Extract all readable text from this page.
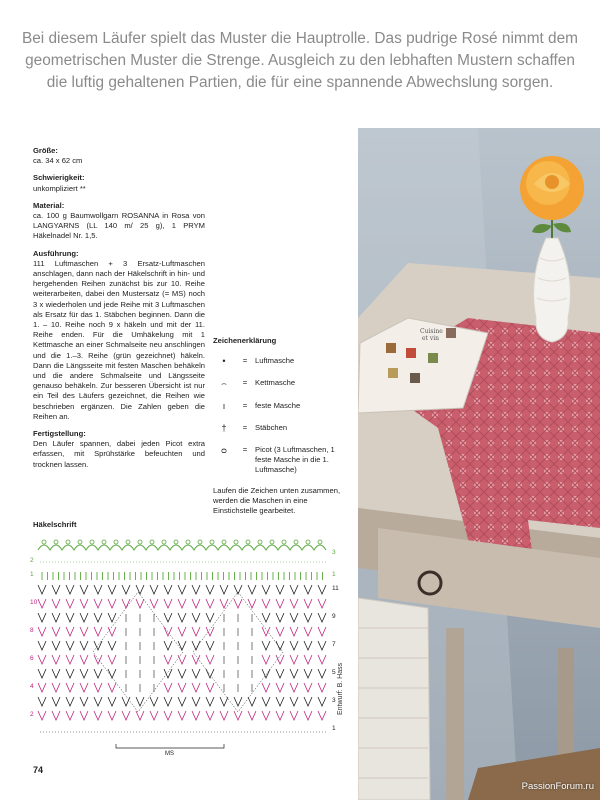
Bei diesem Läufer spielt das Muster die Hauptrolle. Das pudrige Rosé nimmt dem geometrischen Muster die Strenge. Ausgleich zu den lebhaften Mustern schaffen die luftig gehaltenen Partien, die für eine spannende Abwechslung sorgen.
Größe:
ca. 34 x 62 cm
Schwierigkeit:
unkompliziert **
Material:
ca. 100 g Baumwollgarn ROSANNA in Rosa von LANGYARNS (LL 140 m/ 25 g), 1 PRYM Häkelnadel Nr. 1,5.
Ausführung:
111 Luftmaschen + 3 Ersatz-Luftmaschen anschlagen, dann nach der Häkelschrift in hin- und hergehenden Reihen zunächst bis zur 10. Reihe weiterarbeiten, dabei den Mustersatz (= MS) noch 3 x wiederholen und jede Reihe mit 3 Luftmaschen als Ersatz für das 1. Stäbchen beginnen. Dann die 1. – 10. Reihe noch 9 x häkeln und mit der 11. Reihe enden. Für die Umhäkelung mit 1 Kettmasche an einer Schmalseite neu anschlingen und die 1.–3. Reihe (grün gezeichnet) häkeln. Dann die Längsseite mit festen Maschen behäkeln und die andere Schmalseite und Längsseite genauso behäkeln. Zur besseren Übersicht ist nur ein Teil des Läufers gezeichnet, die Reihen wie beschrieben ergänzen. Die Zahlen geben die Reihen an.
Fertigstellung:
Den Läufer spannen, dabei jeden Picot extra erfassen, mit Sprühstärke befeuchten und trocknen lassen.
Zeichenerklärung
•	=	Luftmasche
⌢	=	Kettmasche
ı	=	feste Masche
†	=	Stäbchen
ᴑ	=	Picot (3 Luftmaschen, 1 feste Masche in die 1. Luftmasche)
Laufen die Zeichen unten zusammen, werden die Maschen in eine Einstichstelle gearbeitet.
Häkelschrift
MS
2
1
10
8
6
4
2
3
1
11
9
7
5
3
1
Entwurf: B. Hass
74
Cuisine
et vin
PassionForum.ru
